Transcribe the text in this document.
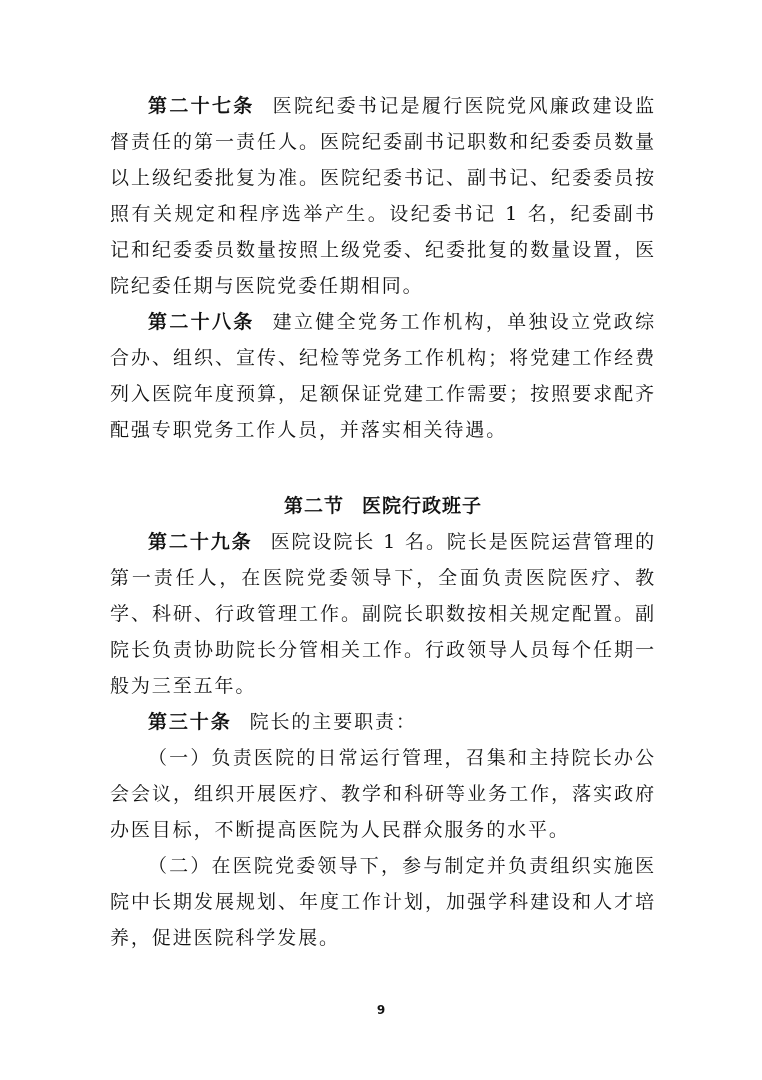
第二十七条 医院纪委书记是履行医院党风廉政建设监督责任的第一责任人。医院纪委副书记职数和纪委委员数量以上级纪委批复为准。医院纪委书记、副书记、纪委委员按照有关规定和程序选举产生。设纪委书记 1 名，纪委副书记和纪委委员数量按照上级党委、纪委批复的数量设置，医院纪委任期与医院党委任期相同。

第二十八条 建立健全党务工作机构，单独设立党政综合办、组织、宣传、纪检等党务工作机构；将党建工作经费列入医院年度预算，足额保证党建工作需要；按照要求配齐配强专职党务工作人员，并落实相关待遇。

第二节 医院行政班子

第二十九条 医院设院长 1 名。院长是医院运营管理的第一责任人，在医院党委领导下，全面负责医院医疗、教学、科研、行政管理工作。副院长职数按相关规定配置。副院长负责协助院长分管相关工作。行政领导人员每个任期一般为三至五年。

第三十条 院长的主要职责：

（一）负责医院的日常运行管理，召集和主持院长办公会会议，组织开展医疗、教学和科研等业务工作，落实政府办医目标，不断提高医院为人民群众服务的水平。

（二）在医院党委领导下，参与制定并负责组织实施医院中长期发展规划、年度工作计划，加强学科建设和人才培养，促进医院科学发展。

9
